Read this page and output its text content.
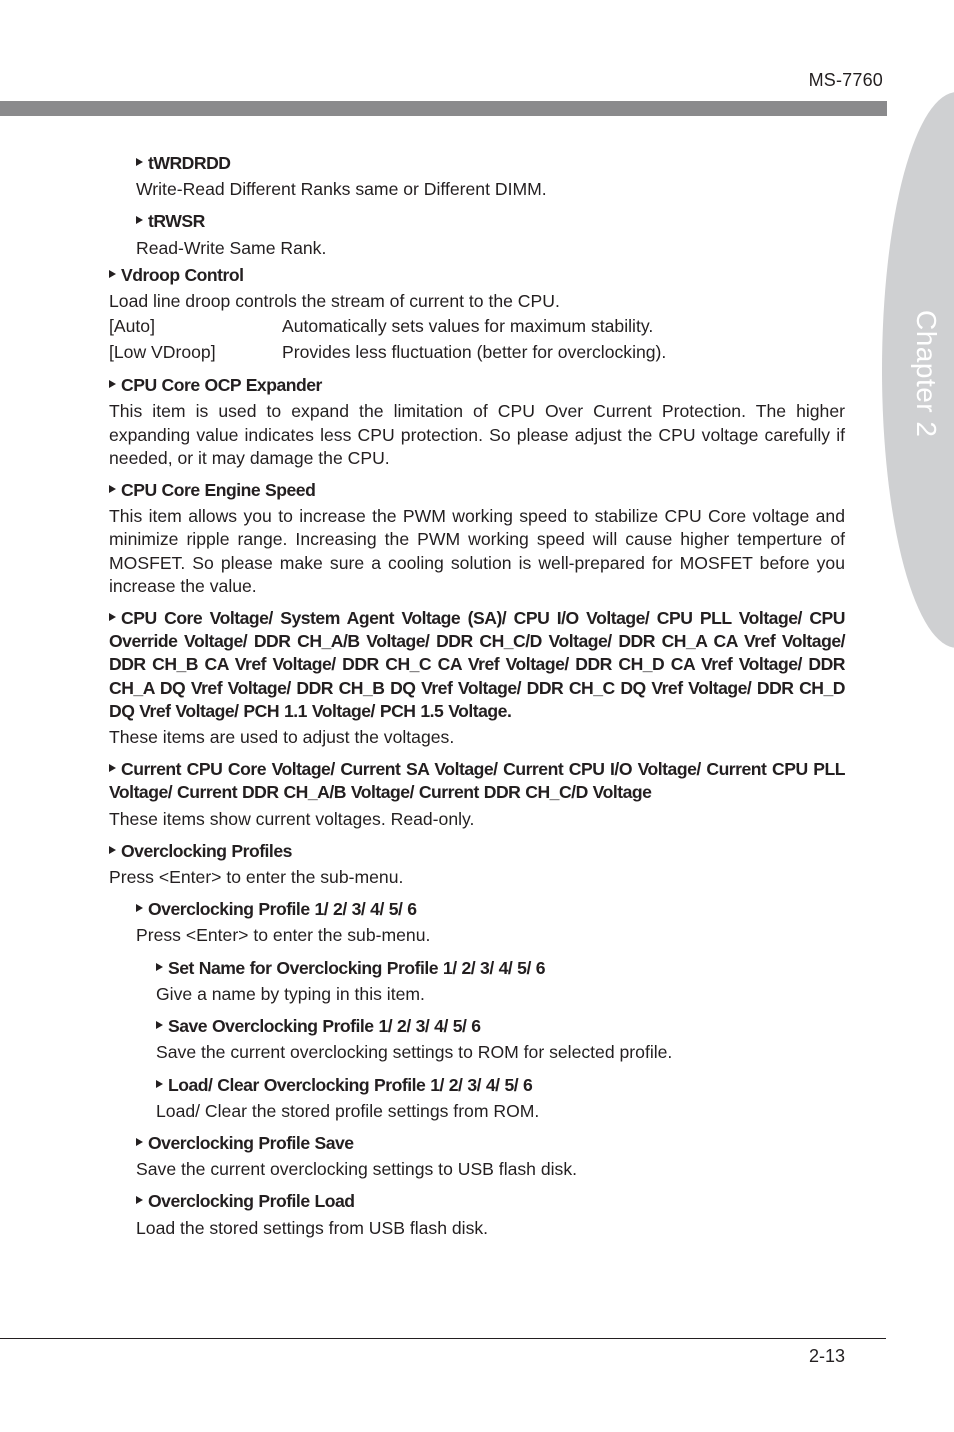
MS-7760
Chapter 2
tWRDRDD
Write-Read Different Ranks same or Different DIMM.
tRWSR
Read-Write Same Rank.
Vdroop Control
Load line droop controls the stream of current to the CPU.
[Auto]	Automatically sets values for maximum stability.
[Low VDroop]	Provides less fluctuation (better for overclocking).
CPU Core OCP Expander
This item is used to expand the limitation of CPU Over Current Protection. The higher expanding value indicates less CPU protection. So please adjust the CPU voltage carefully if needed, or it may damage the CPU.
CPU Core Engine Speed
This item allows you to increase the PWM working speed to stabilize CPU Core voltage and minimize ripple range. Increasing the PWM working speed will cause higher temperture of MOSFET. So please make sure a cooling solution is well-prepared for MOSFET before you increase the value.
CPU Core Voltage/ System Agent Voltage (SA)/ CPU I/O Voltage/ CPU PLL Voltage/ CPU Override Voltage/ DDR CH_A/B Voltage/ DDR CH_C/D Voltage/ DDR CH_A CA Vref Voltage/ DDR CH_B CA Vref Voltage/ DDR CH_C CA Vref Voltage/ DDR CH_D CA Vref Voltage/ DDR CH_A DQ Vref Voltage/ DDR CH_B DQ Vref Voltage/ DDR CH_C DQ Vref Voltage/ DDR CH_D DQ Vref Voltage/ PCH 1.1 Voltage/ PCH 1.5 Voltage.
These items are used to adjust the voltages.
Current CPU Core Voltage/ Current SA Voltage/ Current CPU I/O Voltage/ Current CPU PLL Voltage/ Current DDR CH_A/B Voltage/ Current DDR CH_C/D Voltage
These items show current voltages. Read-only.
Overclocking Profiles
Press <Enter> to enter the sub-menu.
Overclocking Profile 1/ 2/ 3/ 4/ 5/ 6
Press <Enter> to enter the sub-menu.
Set Name for Overclocking Profile 1/ 2/ 3/ 4/ 5/ 6
Give a name by typing in this item.
Save Overclocking Profile 1/ 2/ 3/ 4/ 5/ 6
Save the current overclocking settings to ROM for selected profile.
Load/ Clear Overclocking Profile 1/ 2/ 3/ 4/ 5/ 6
Load/ Clear the stored profile settings from ROM.
Overclocking Profile Save
Save the current overclocking settings to USB flash disk.
Overclocking Profile Load
Load the stored settings from USB flash disk.
2-13
